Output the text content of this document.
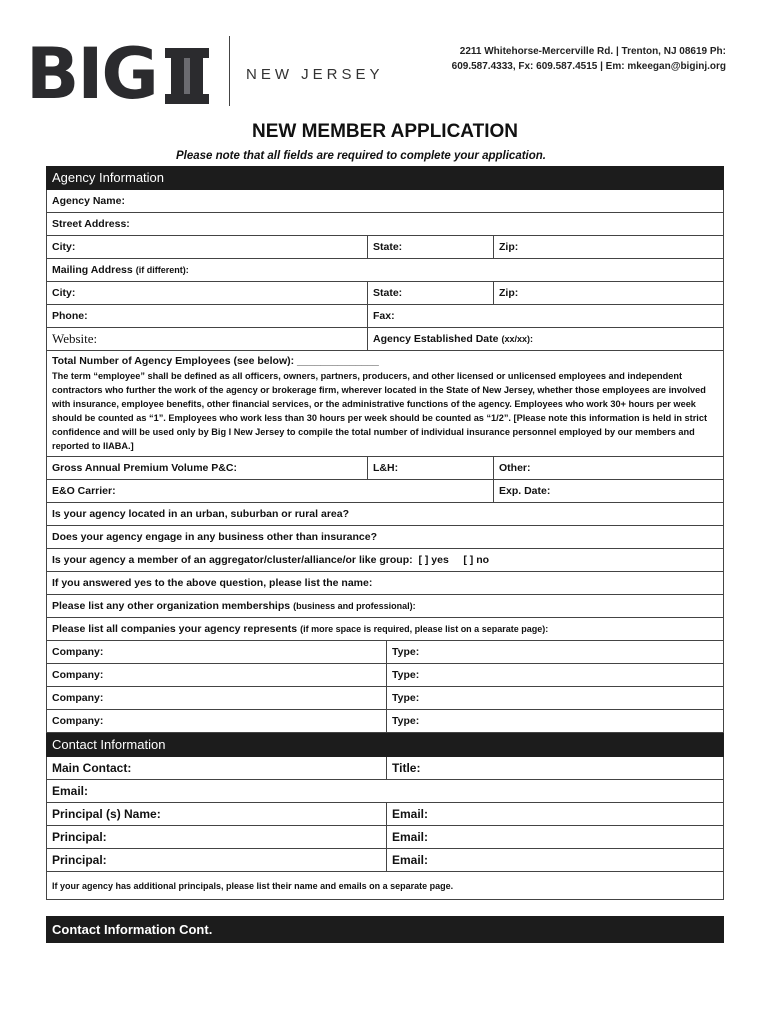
BIG	NEW JERSEY
2211 Whitehorse-Mercerville Rd. | Trenton, NJ 08619 Ph:
609.587.4333, Fx: 609.587.4515 | Em: mkeegan@biginj.org
NEW MEMBER APPLICATION
Please note that all fields are required to complete your application.
Agency Information
Agency Name:
Street Address:
City:	State:	Zip:
Mailing Address (if different):
City:	State:	Zip:
Phone:	Fax:
Website:	Agency Established Date (xx/xx):
Total Number of Agency Employees (see below): ______________
The term “employee” shall be defined as all officers, owners, partners, producers, and other licensed or unlicensed employees and independent contractors who further the work of the agency or brokerage firm, wherever located in the State of New Jersey, whether those employees are involved with insurance, employee benefits, other financial services, or the administrative functions of the agency. Employees who work 30+ hours per week should be counted as “1”. Employees who work less than 30 hours per week should be counted as “1/2”. [Please note this information is held in strict confidence and will be used only by Big I New Jersey to compile the total number of individual insurance personnel employed by our members and reported to IIABA.]
Gross Annual Premium Volume P&C:	L&H:	Other:
E&O Carrier:	Exp. Date:
Is your agency located in an urban, suburban or rural area?
Does your agency engage in any business other than insurance?
Is your agency a member of an aggregator/cluster/alliance/or like group:  [ ] yes     [ ] no
If you answered yes to the above question, please list the name:
Please list any other organization memberships (business and professional):
Please list all companies your agency represents (if more space is required, please list on a separate page):
Company:	Type:
Company:	Type:
Company:	Type:
Company:	Type:
Contact Information
Main Contact:	Title:
Email:
Principal (s) Name:	Email:
Principal:	Email:
Principal:	Email:
If your agency has additional principals, please list their name and emails on a separate page.
Contact Information Cont.
